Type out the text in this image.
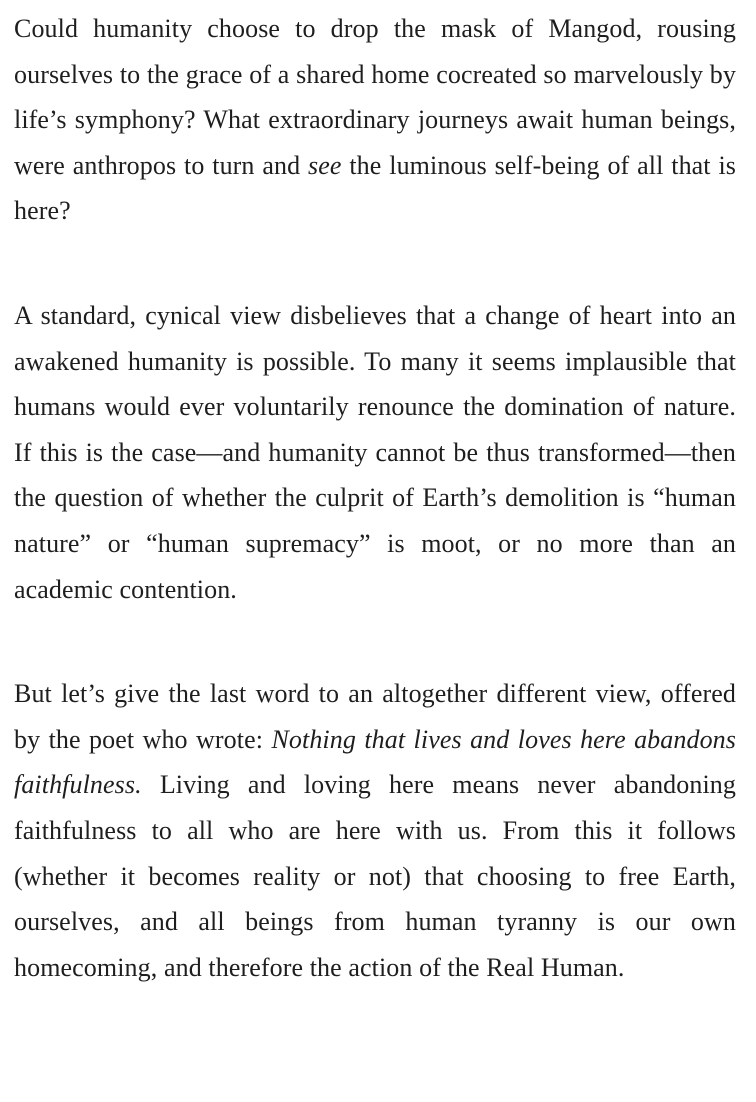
Could humanity choose to drop the mask of Mangod, rousing ourselves to the grace of a shared home cocreated so marvelously by life’s symphony? What extraordinary journeys await human beings, were anthropos to turn and see the luminous self-being of all that is here?

A standard, cynical view disbelieves that a change of heart into an awakened humanity is possible. To many it seems implausible that humans would ever voluntarily renounce the domination of nature. If this is the case—and humanity cannot be thus transformed—then the question of whether the culprit of Earth’s demolition is “human nature” or “human supremacy” is moot, or no more than an academic contention.

But let’s give the last word to an altogether different view, offered by the poet who wrote: Nothing that lives and loves here abandons faithfulness. Living and loving here means never abandoning faithfulness to all who are here with us. From this it follows (whether it becomes reality or not) that choosing to free Earth, ourselves, and all beings from human tyranny is our own homecoming, and therefore the action of the Real Human.
